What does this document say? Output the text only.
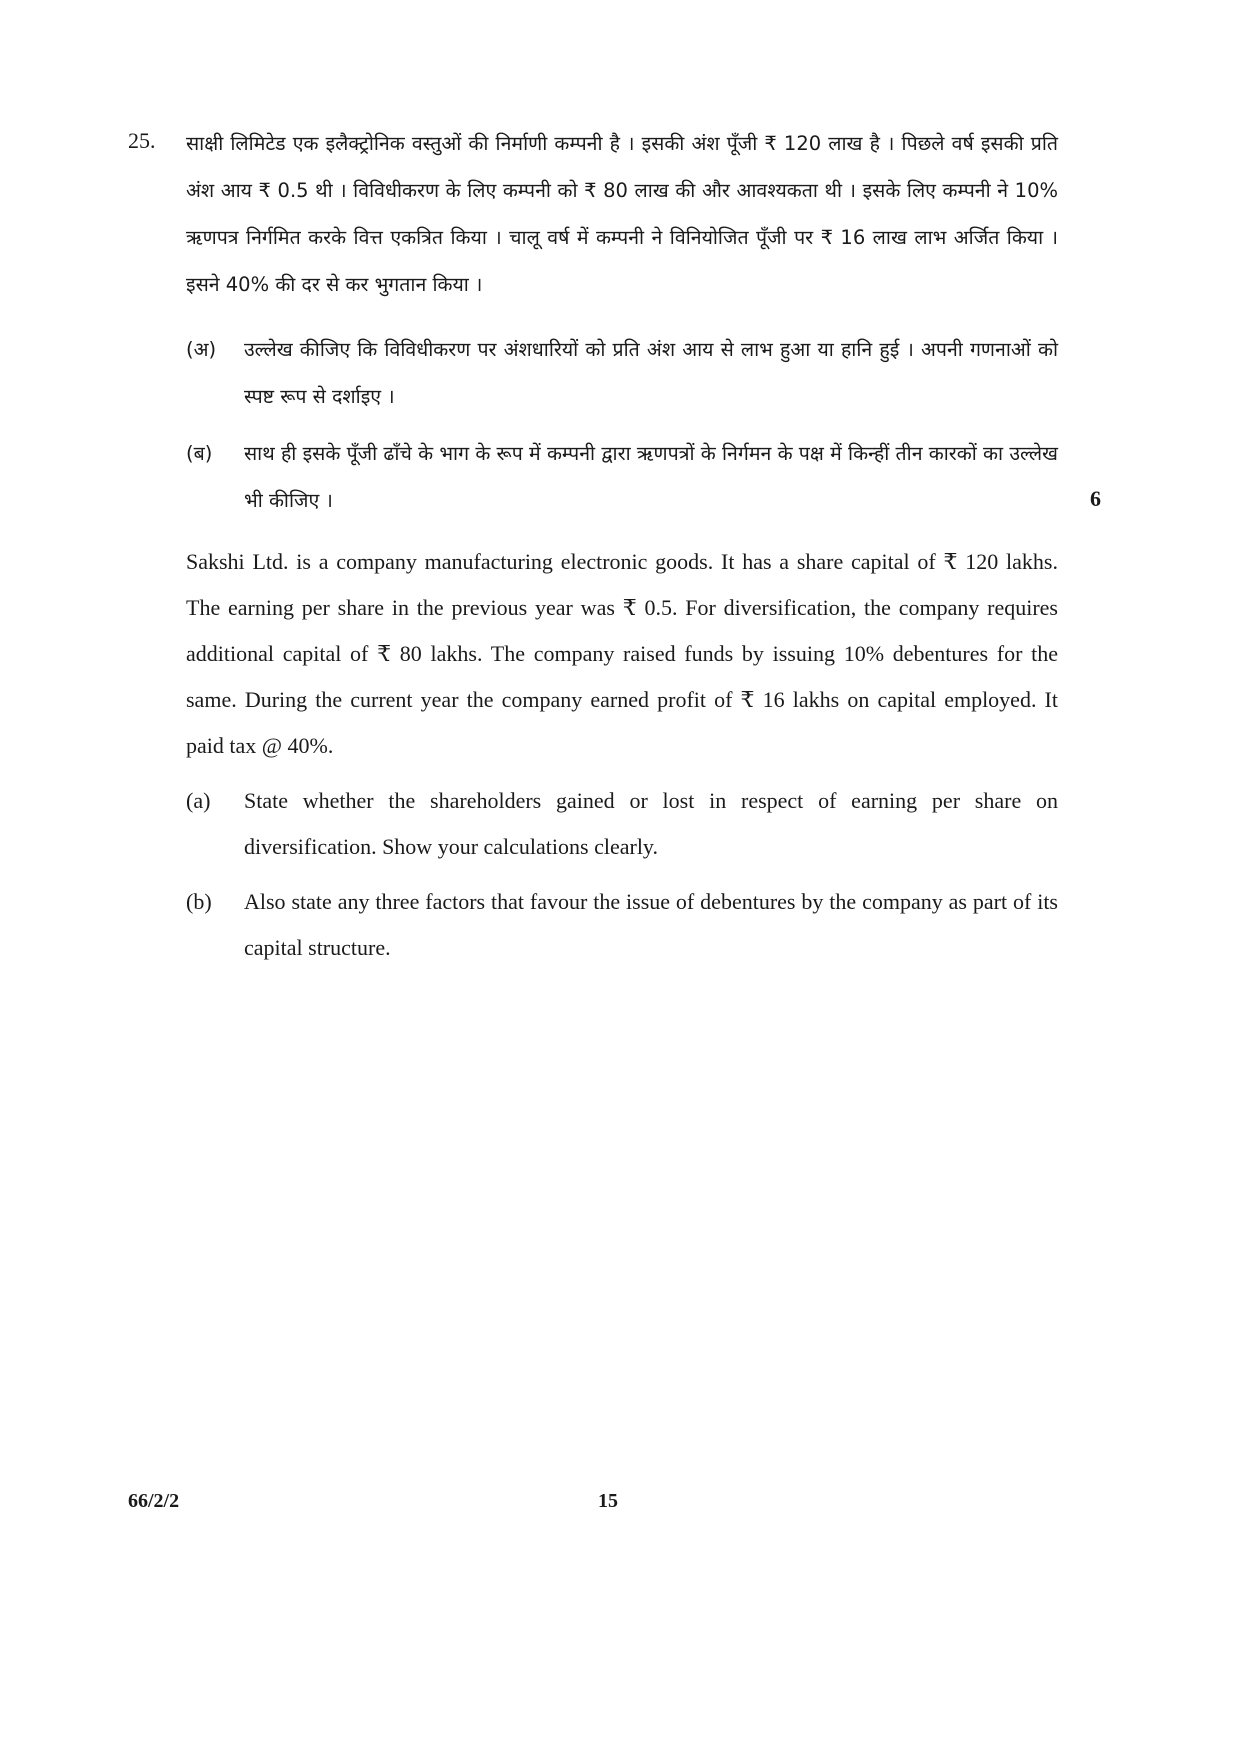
25. साक्षी लिमिटेड एक इलैक्ट्रोनिक वस्तुओं की निर्माणी कम्पनी है । इसकी अंश पूँजी ₹ 120 लाख है । पिछले वर्ष इसकी प्रति अंश आय ₹ 0.5 थी । विविधीकरण के लिए कम्पनी को ₹ 80 लाख की और आवश्यकता थी । इसके लिए कम्पनी ने 10% ऋणपत्र निर्गमित करके वित्त एकत्रित किया । चालू वर्ष में कम्पनी ने विनियोजित पूँजी पर ₹ 16 लाख लाभ अर्जित किया । इसने 40% की दर से कर भुगतान किया ।
(अ) उल्लेख कीजिए कि विविधीकरण पर अंशधारियों को प्रति अंश आय से लाभ हुआ या हानि हुई । अपनी गणनाओं को स्पष्ट रूप से दर्शाइए ।
(ब) साथ ही इसके पूँजी ढाँचे के भाग के रूप में कम्पनी द्वारा ऋणपत्रों के निर्गमन के पक्ष में किन्हीं तीन कारकों का उल्लेख भी कीजिए ।	6
Sakshi Ltd. is a company manufacturing electronic goods. It has a share capital of ₹ 120 lakhs. The earning per share in the previous year was ₹ 0.5. For diversification, the company requires additional capital of ₹ 80 lakhs. The company raised funds by issuing 10% debentures for the same. During the current year the company earned profit of ₹ 16 lakhs on capital employed. It paid tax @ 40%.
(a) State whether the shareholders gained or lost in respect of earning per share on diversification. Show your calculations clearly.
(b) Also state any three factors that favour the issue of debentures by the company as part of its capital structure.
66/2/2	15
